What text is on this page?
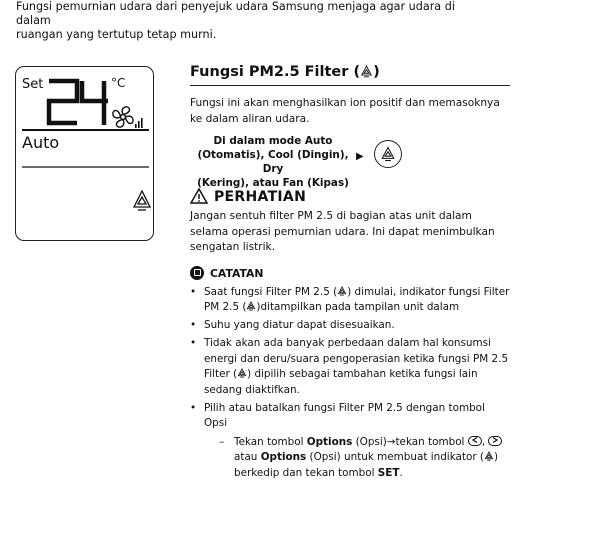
Fungsi pemurnian udara dari penyejuk udara Samsung menjaga agar udara di dalam
ruangan yang tertutup tetap murni.
Set	°C
Auto
Fungsi PM2.5 Filter ( )

Fungsi ini akan menghasilkan ion positif dan memasoknya ke dalam aliran udara.

Di dalam mode Auto
(Otomatis), Cool (Dingin), Dry
(Kering), atau Fan (Kipas)
▶
PERHATIAN

Jangan sentuh filter PM 2.5 di bagian atas unit dalam selama operasi pemurnian udara. Ini dapat menimbulkan sengatan listrik.

CATATAN
• Saat fungsi Filter PM 2.5 ( ) dimulai, indikator fungsi Filter PM 2.5 ( )ditampilkan pada tampilan unit dalam
• Suhu yang diatur dapat disesuaikan.
• Tidak akan ada banyak perbedaan dalam hal konsumsi energi dan deru/suara pengoperasian ketika fungsi PM 2.5 Filter ( ) dipilih sebagai tambahan ketika fungsi lain sedang diaktifkan.
• Pilih atau batalkan fungsi Filter PM 2.5 dengan tombol Opsi
– Tekan tombol Options (Opsi)→tekan tombol
,
atau Options (Opsi) untuk membuat indikator ( ) berkedip dan tekan tombol SET.
